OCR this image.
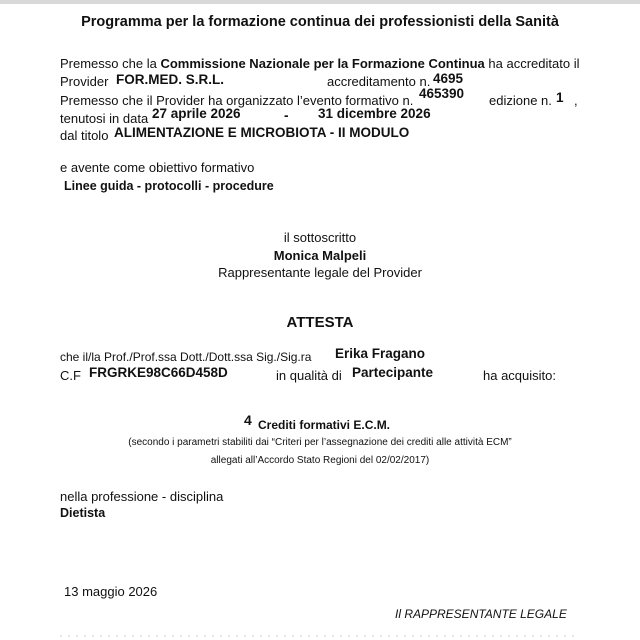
Programma per la formazione continua dei professionisti della Sanità
Premesso che la Commissione Nazionale per la Formazione Continua ha accreditato il
Provider FOR.MED. S.R.L.	accreditamento n. 4695
Premesso che il Provider ha organizzato l’evento formativo n. 465390 edizione n. 1 ,
tenutosi in data 27 aprile 2026	- 31 dicembre 2026
dal titolo ALIMENTAZIONE E MICROBIOTA - II MODULO
e avente come obiettivo formativo
Linee guida - protocolli - procedure
il sottoscritto
Monica Malpeli
Rappresentante legale del Provider
ATTESTA
che il/la Prof./Prof.ssa Dott./Dott.ssa Sig./Sig.ra Erika Fragano
C.F FRGRKE98C66D458D	in qualità di Partecipante	ha acquisito:
4 Crediti formativi E.C.M.
(secondo i parametri stabiliti dai “Criteri per l’assegnazione dei crediti alle attività ECM”
allegati all’Accordo Stato Regioni del 02/02/2017)
nella professione - disciplina
Dietista
13 maggio 2026
Il RAPPRESENTANTE LEGALE
